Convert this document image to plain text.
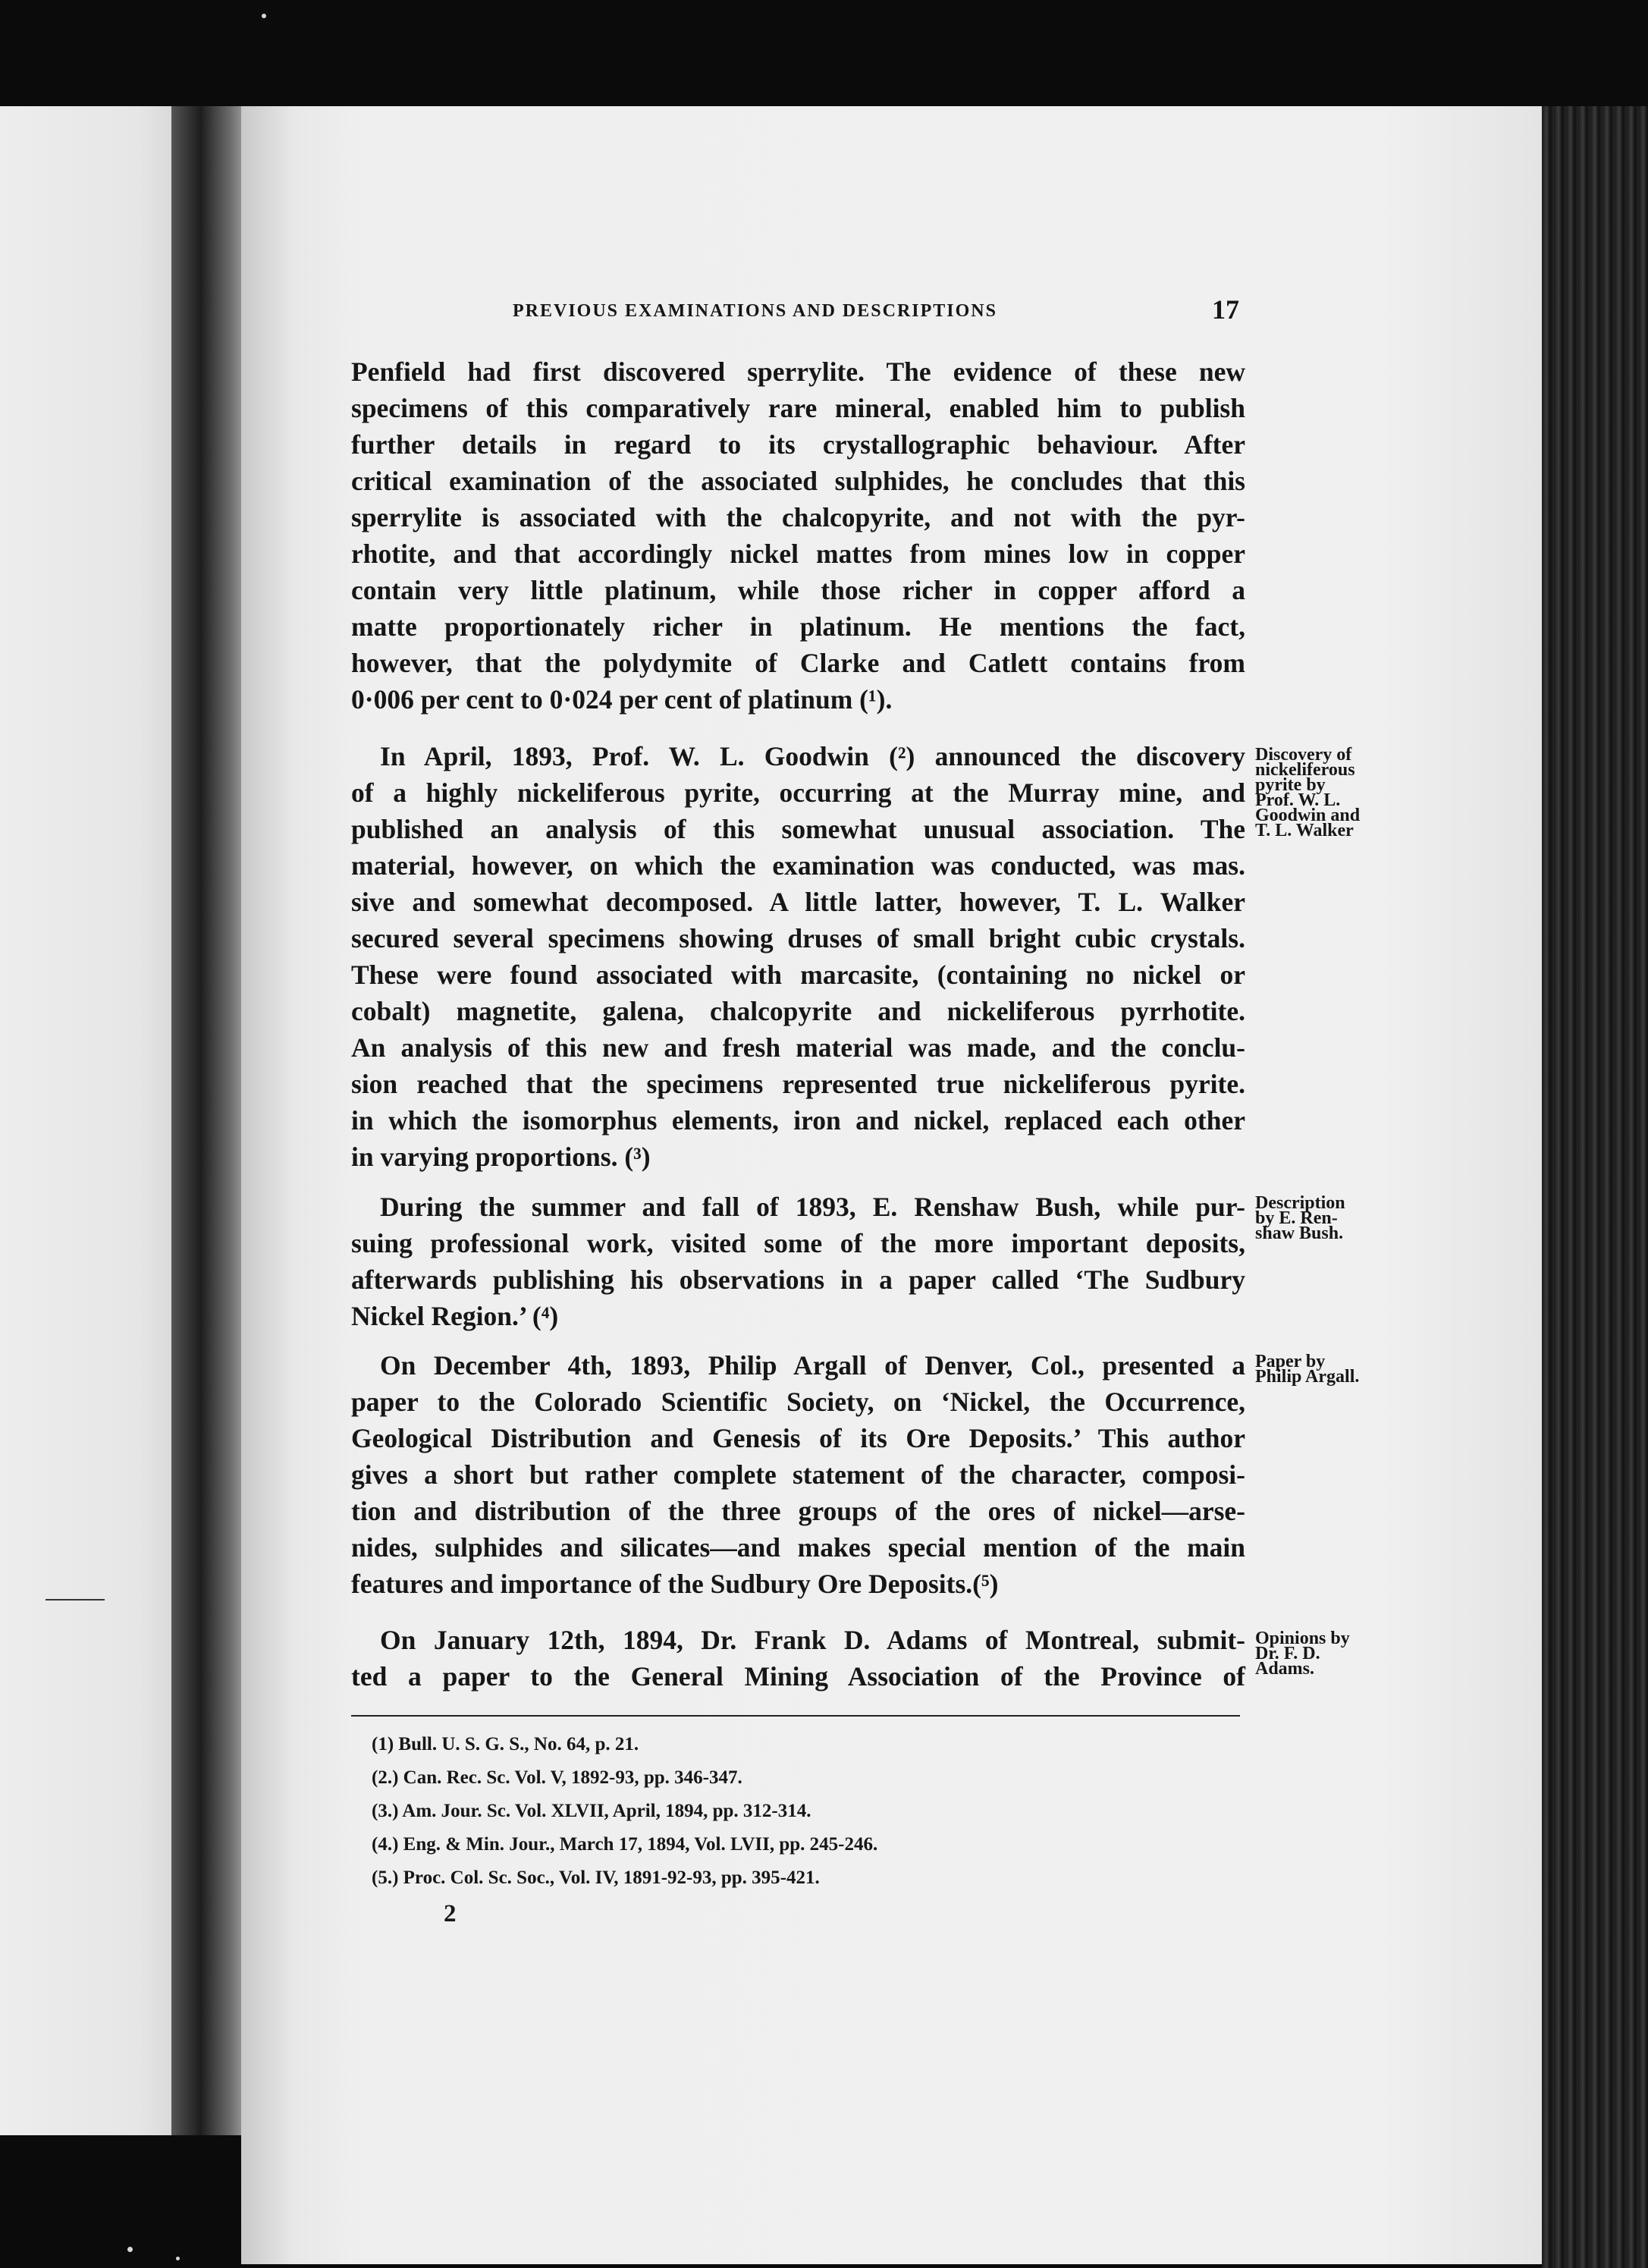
PREVIOUS EXAMINATIONS AND DESCRIPTIONS	17
Penfield had first discovered sperrylite. The evidence of these new
specimens of this comparatively rare mineral, enabled him to publish
further details in regard to its crystallographic behaviour. After
critical examination of the associated sulphides, he concludes that this
sperrylite is associated with the chalcopyrite, and not with the pyr-
rhotite, and that accordingly nickel mattes from mines low in copper
contain very little platinum, while those richer in copper afford a
matte proportionately richer in platinum. He mentions the fact,
however, that the polydymite of Clarke and Catlett contains from
0·006 per cent to 0·024 per cent of platinum (¹).
In April, 1893, Prof. W. L. Goodwin (²) announced the discovery
of a highly nickeliferous pyrite, occurring at the Murray mine, and
published an analysis of this somewhat unusual association. The
material, however, on which the examination was conducted, was mas.
sive and somewhat decomposed. A little latter, however, T. L. Walker
secured several specimens showing druses of small bright cubic crystals.
These were found associated with marcasite, (containing no nickel or
cobalt) magnetite, galena, chalcopyrite and nickeliferous pyrrhotite.
An analysis of this new and fresh material was made, and the conclu-
sion reached that the specimens represented true nickeliferous pyrite.
in which the isomorphus elements, iron and nickel, replaced each other
in varying proportions. (³)
During the summer and fall of 1893, E. Renshaw Bush, while pur-
suing professional work, visited some of the more important deposits,
afterwards publishing his observations in a paper called ‘The Sudbury
Nickel Region.’ (⁴)
On December 4th, 1893, Philip Argall of Denver, Col., presented a
paper to the Colorado Scientific Society, on ‘Nickel, the Occurrence,
Geological Distribution and Genesis of its Ore Deposits.’ This author
gives a short but rather complete statement of the character, composi-
tion and distribution of the three groups of the ores of nickel—arse-
nides, sulphides and silicates—and makes special mention of the main
features and importance of the Sudbury Ore Deposits.(⁵)
On January 12th, 1894, Dr. Frank D. Adams of Montreal, submit-
ted a paper to the General Mining Association of the Province of
Discovery of
nickeliferous
pyrite by
Prof. W. L.
Goodwin and
T. L. Walker
Description
by E. Ren-
shaw Bush.
Paper by
Philip Argall.
Opinions by
Dr. F. D.
Adams.
(1) Bull. U. S. G. S., No. 64, p. 21.
(2.) Can. Rec. Sc. Vol. V, 1892-93, pp. 346-347.
(3.) Am. Jour. Sc. Vol. XLVII, April, 1894, pp. 312-314.
(4.) Eng. & Min. Jour., March 17, 1894, Vol. LVII, pp. 245-246.
(5.) Proc. Col. Sc. Soc., Vol. IV, 1891-92-93, pp. 395-421.
2
